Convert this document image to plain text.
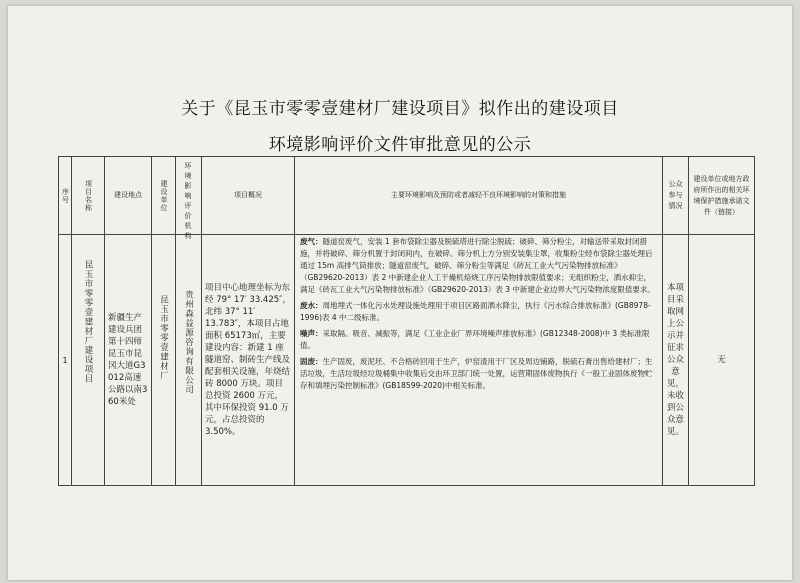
关于《昆玉市零零壹建材厂建设项目》拟作出的建设项目
环境影响评价文件审批意见的公示
序号	项目名称	建设地点	建设单位	环境影响评价机构	项目概况	主要环境影响及预防或者减轻不良环境影响的对策和措施	公众参与情况	建设单位或地方政府所作出的相关环境保护措施承诺文件（链接）
1	昆玉市零零壹建材厂建设项目	新疆生产建设兵团第十四师昆玉市昆冈大道G3012高速公路以南360米处	昆玉市零零壹建材厂	贵州森益源咨询有限公司	项目中心地理坐标为东经 79° 17′ 33.425″，北纬 37° 11′ 13.783″，本项目占地面积 65173㎡，主要建设内容：新建 1 座隧道窑、制砖生产线及配套相关设施，年烧结砖 8000 万块。项目总投资 2600 万元，其中环保投资 91.0 万元，占总投资的 3.50%。	废气：隧道窑废气，安装 1 套布袋除尘器及脱硫塔进行除尘脱硫；破碎、筛分粉尘，对输送带采取封闭措施，并将破碎、筛分机置于封闭间内，在破碎、筛分机上方分别安装集尘罩，收集粉尘经布袋除尘器处理后通过 15m 高排气筒排放；隧道窑废气，破碎、筛分粉尘等满足《砖瓦工业大气污染物排放标准》（GB29620-2013）表 2 中新建企业人工干燥机焙烧工序污染物排放限值要求；无组织粉尘，洒水抑尘，满足《砖瓦工业大气污染物排放标准》（GB29620-2013）表 3 中新建企业边界大气污染物浓度限值要求。
废水：周地埋式一体化污水处理设施处理用于项目区路面洒水降尘，执行《污水综合排放标准》(GB8978-1996)表 4 中二级标准。
噪声：采取隔、吸音、减振等，满足《工业企业厂界环境噪声排放标准》(GB12348-2008)中 3 类标准限值。
固废：生产固废，废泥坯、不合格砖回用于生产，炉窑渣用于厂区及周边铺路，脱硫石膏出售给建材厂；生活垃圾，生活垃圾经垃圾桶集中收集后交由环卫部门统一处置，运营期固体废物执行《一般工业固体废物贮存和填埋污染控制标准》(GB18599-2020)中相关标准。	本项目采取网上公示并征求公众意见，未收到公众意见。	无
